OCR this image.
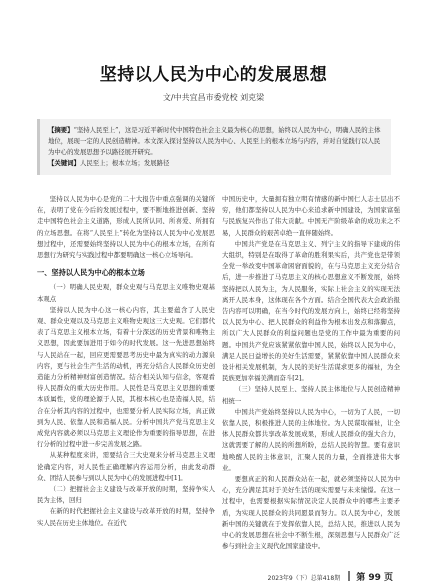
坚持以人民为中心的发展思想
文/中共宜昌市委党校 刘克梁
【摘要】“坚持人民至上”，这是习近平新时代中国特色社会主义最为核心的思想，始终以人民为中心，明确人民的主体地位，展现一定的人民创造精神。本文深入探讨坚持以人民为中心、人民至上的根本立场与内容，并对自觉践行以人民为中心的发展思想予以路径展开研究。
【关键词】人民至上；根本立场；发展路径

坚持以人民为中心是党的二十大报告中重点强调的关键所在，表明了党在今后的发展过程中，要不断地推进创新、坚持走中国特色社会主义道路，形成人民所认同、所喜爱、所拥有的立场思想。在将“人民至上”转化为坚持以人民为中心发展思想过程中，还需要始终坚持以人民为中心的根本立场，在所有思想行为研究与实践过程中都要明确这一核心立场导向。

一、坚持以人民为中心的根本立场

（一）明确人民史观，群众史观与马克思主义唯物史观基本观点

坚持以人民为中心这一核心内容，其主要蕴含了人民史观、群众史观以及马克思主义唯物史观这三大史观。它们都代表了马克思主义根本立场，有着十分深远的历史背景和唯物主义思想，因此要加进用于如今的时代发展。这一先进思想始终与人民站在一起，回应更需要思考历史中最为真实的动力源泉内容，更与社会生产生活的动机，再充分结合人民群众历史创造能力分析精神财富创造情况。结合相关认知与信念，客观看待人民群众的重大历史作用。人民性是马克思主义思想的重要本质属性，党的理论源于人民，其根本核心也是造福人民，结合在分析其内容的过程中，也需要分析人民实际立场，真正做到为人民、依靠人民和造福人民。分析中国共产党马克思主义成党内容就必须以马克思主义理论作为重要的指导思想，在进行分析的过程中进一步完善发展之路。

从某种程度来讲，需要结合三大史观来分析马克思主义理论确定内容，对人民性正确理解内容运用分析，由此发动群众、团结人民参与到以人民为中心的发展进程中[1]。

（二）把握社会主义建设与改革开放的时期，坚持争实人民为主体，回归

在新的时代把握社会主义建设与改革开放的时期，坚持争实人民在历史主体地位。在近代

中国历史中，大量拥有独立明有情感的新中国仁人志士层出不穷，他们都坚持以人民为中心来追求新中国建设，为国家富强与民族复兴作出了伟大贡献。中国无产阶级革命的成功来之不易，人民群众的艰苦卓绝一直伴随始终。

中国共产党是在马克思主义、列宁主义的指导下建成的伟大组织，特别是在取得了革命的胜利果实后，共产党也是带领全党一举改变中国革命困窘面貌的，在与马克思主义充分结合后，进一步推进了马克思主义的核心思想意义不断发展，始终坚持把以人民为主，为人民服务，实际上社会主义的实现无法离开人民本身，这体现在各个方面。结合全国代表大会政治报告内容可以明确，在当今时代的发展方向上，始终已经将坚持以人民为中心、把人民群众的利益作为根本出发点和落脚点，所以广大人民群众的利益问题也是党的工作中最为重要的问题。中国共产党应该紧紧依靠中国人民，始终以人民为中心，满足人民日益增长的美好生活需要，紧紧依靠中国人民群众来设计相关发展机制，为人民的美好生活谋求更多的福祉，为全民族更加幸福美满而奋斗[2]。

（三）坚持人民至上、坚持人民主体地位与人民创造精神相统一

中国共产党始终坚持以人民为中心，一切为了人民，一切依靠人民，积极推进人民的主体地位。为人民谋取福祉，让全体人民群众都共享改革发展成果，形成人民群众的强大合力，这就需要了解的人民的所想所盼，总结人民的智慧。要有意识地唤醒人民的主体意识，汇聚人民的力量，全面推进伟大事业。

要想真正的和人民群众站在一起，就必须坚持以人民为中心，充分满足其对于美好生活的现实需要与未来憧憬。在这一过程中，也需要根据实际情况决定人民群众中的哪些主要矛盾，为实现人民群众的共同愿景而努力。以人民为中心，发展新中国的关键就在于发挥依靠人民，总结人民，推进以人民为中心的发展思想在社会中不断生根，深刻思想与人民群众广泛参与到社会主义现代化国家建设中。

2023年9（下）总第418期 第 99 页
